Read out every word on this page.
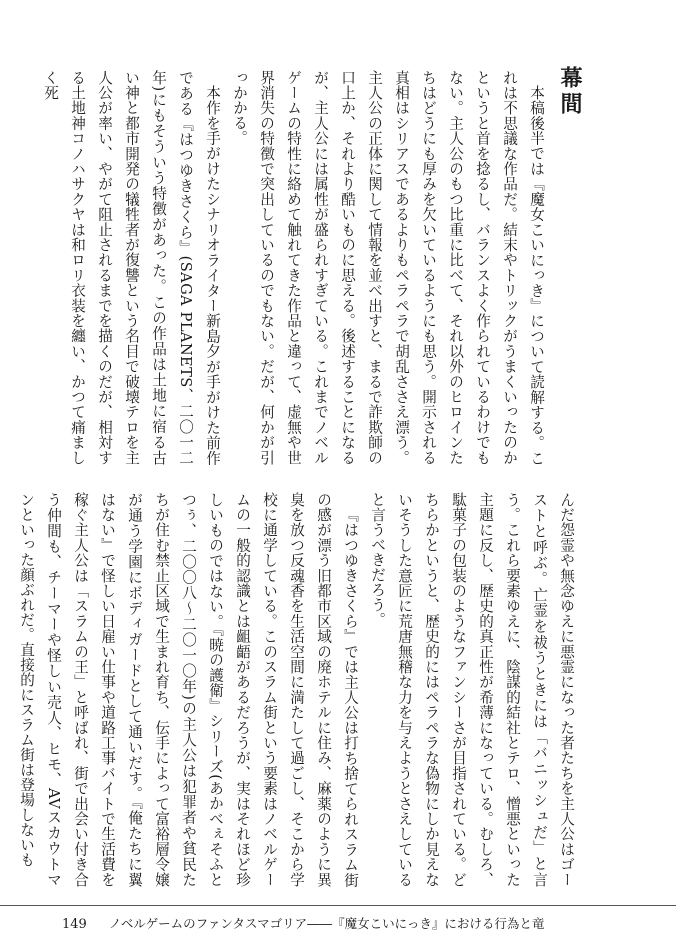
幕間

本稿後半では『魔女こいにっき』について読解する。これは不思議な作品だ。結末やトリックがうまくいったのかというと首を捻るし、バランスよく作られているわけでもない。主人公のもつ比重に比べて、それ以外のヒロインたちはどうにも厚みを欠いているようにも思う。開示される真相はシリアスであるよりもペラペラで胡乱ささえ漂う。主人公の正体に関して情報を並べ出すと、まるで詐欺師の口上か、それより酷いものに思える。後述することになるが、主人公には属性が盛られすぎている。これまでノベルゲームの特性に絡めて触れてきた作品と違って、虚無や世界消失の特徴で突出しているのでもない。だが、何かが引っかかる。

本作を手がけたシナリオライター新島夕が手がけた前作である『はつゆきさくら』(SAGA PLANETS、二〇一二年)にもそういう特徴があった。この作品は土地に宿る古い神と都市開発の犠牲者が復讐という名目で破壊テロを主人公が率い、やがて阻止されるまでを描くのだが、相対する土地神コノハサクヤは和ロリ衣装を纏い、かつて痛ましく死

んだ怨霊や無念ゆえに悪霊になった者たちを主人公はゴーストと呼ぶ。亡霊を祓うときには「バニッシュだ」と言う。これら要素ゆえに、陰謀的結社とテロ、憎悪といった主題に反し、歴史的真正性が希薄になっている。むしろ、駄菓子の包装のようなファンシーさが目指されている。どちらかというと、歴史的にはペラペラな偽物にしか見えないそうした意匠に荒唐無稽な力を与えようとさえしていると言うべきだろう。

『はつゆきさくら』では主人公は打ち捨てられスラム街の感が漂う旧都市区域の廃ホテルに住み、麻薬のように異臭を放つ反魂香を生活空間に満たして過ごし、そこから学校に通学している。このスラム街という要素はノベルゲームの一般的認識とは齟齬があるだろうが、実はそれほど珍しいものではない。『暁の護衛』シリーズ(あかべぇそふとつぅ、二〇〇八〜二〇一〇年)の主人公は犯罪者や貧民たちが住む禁止区域で生まれ育ち、伝手によって富裕層令嬢が通う学園にボディガードとして通いだす。『俺たちに翼はない』で怪しい日雇い仕事や道路工事バイトで生活費を稼ぐ主人公は「スラムの王」と呼ばれ、街で出会い付き合う仲間も、チーマーや怪しい売人、ヒモ、AVスカウトマンといった顔ぶれだ。直接的にスラム街は登場しないも

149 ノベルゲームのファンタスマゴリア――『魔女こいにっき』における行為と竜
